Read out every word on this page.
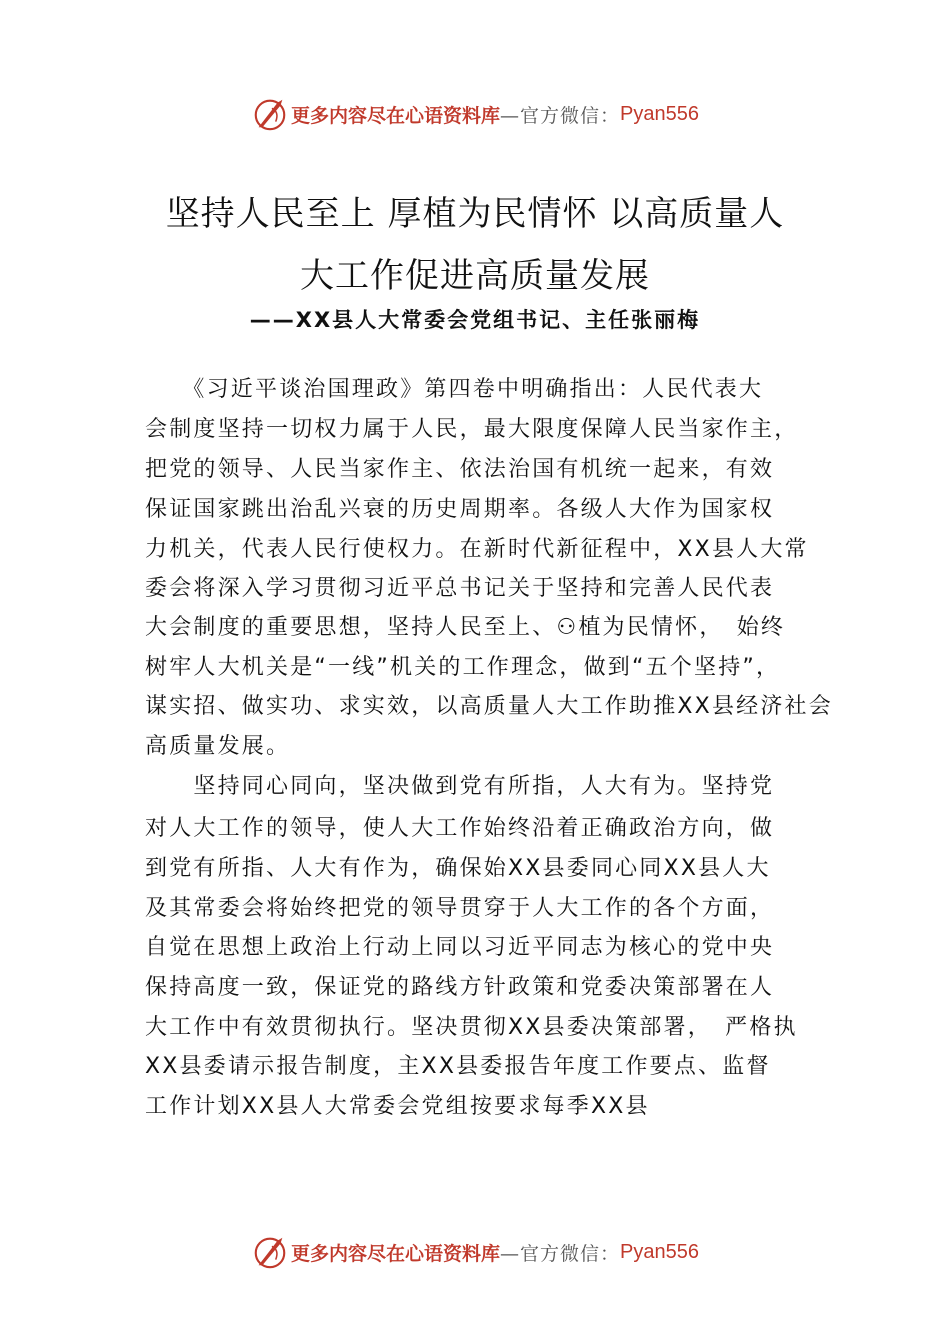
更多内容尽在心语资料库 —官方微信： Pyan556
坚持人民至上 厚植为民情怀 以高质量人
大工作促进高质量发展
——XX县人大常委会党组书记、主任张丽梅
　　《习近平谈治国理政》第四卷中明确指出：人民代表大
会制度坚持一切权力属于人民，最大限度保障人民当家作主，
把党的领导、人民当家作主、依法治国有机统一起来，有效
保证国家跳出治乱兴衰的历史周期率。各级人大作为国家权
力机关，代表人民行使权力。在新时代新征程中，XX县人大常
委会将深入学习贯彻习近平总书记关于坚持和完善人民代表
大会制度的重要思想，坚持人民至上、⚇植为民情怀，　始终
树牢人大机关是“一线”机关的工作理念，做到“五个坚持”，
谋实招、做实功、求实效，以高质量人大工作助推XX县经济社会
高质量发展。
　　坚持同心同向，坚决做到党有所指，人大有为。坚持党
对人大工作的领导，使人大工作始终沿着正确政治方向，做
到党有所指、人大有作为，确保始XX县委同心同XX县人大
及其常委会将始终把党的领导贯穿于人大工作的各个方面，
自觉在思想上政治上行动上同以习近平同志为核心的党中央
保持高度一致，保证党的路线方针政策和党委决策部署在人
大工作中有效贯彻执行。坚决贯彻XX县委决策部署，　严格执
XX县委请示报告制度，主XX县委报告年度工作要点、监督
工作计划XX县人大常委会党组按要求每季XX县
更多内容尽在心语资料库 —官方微信： Pyan556
